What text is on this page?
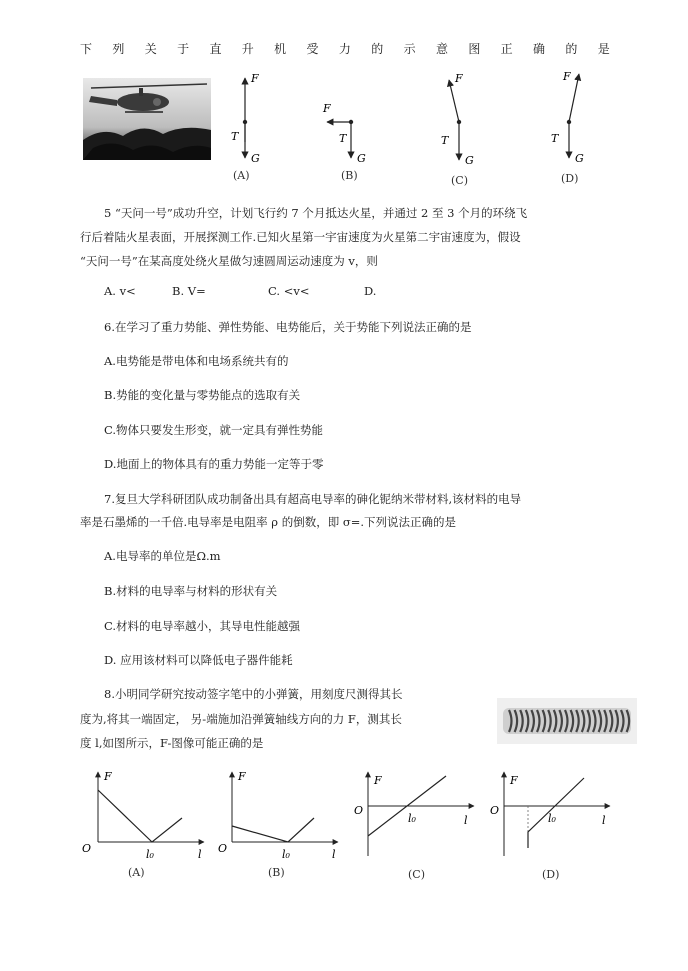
下 列 关 于 直 升 机 受 力 的 示 意 图 正 确 的 是
F
T
G
(A)
F
T
G
(B)
F
T
G
(C)
F
T
G
(D)
5 “天问一号”成功升空，计划飞行约 7 个月抵达火星，并通过 2 至 3 个月的环绕飞
行后着陆火星表面，开展探测工作.已知火星第一宇宙速度为火星第二宇宙速度为，假设
“天问一号”在某高度处绕火星做匀速圆周运动速度为 v，则
A. v<	B. V=	C. <v<	D.
6.在学习了重力势能、弹性势能、电势能后，关于势能下列说法正确的是
A.电势能是带电体和电场系统共有的
B.势能的变化量与零势能点的选取有关
C.物体只要发生形变，就一定具有弹性势能
D.地面上的物体具有的重力势能一定等于零
7.复旦大学科研团队成功制备出具有超高电导率的砷化铌纳米带材料,该材料的电导
率是石墨烯的一千倍.电导率是电阻率 ρ 的倒数，即 σ=.下列说法正确的是
A.电导率的单位是Ω.m
B.材料的电导率与材料的形状有关
C.材料的电导率越小，其导电性能越强
D. 应用该材料可以降低电子器件能耗
8.小明同学研究按动签字笔中的小弹簧，用刻度尺测得其长
度为,将其一端固定， 另-端施加沿弹簧轴线方向的力 F，测其长
度 l,如图所示，F-图像可能正确的是
O
F
l₀	l
(A)
O
F
l₀	l
(B)
O
F
l₀	l
(C)
O
F
l₀	l
(D)
